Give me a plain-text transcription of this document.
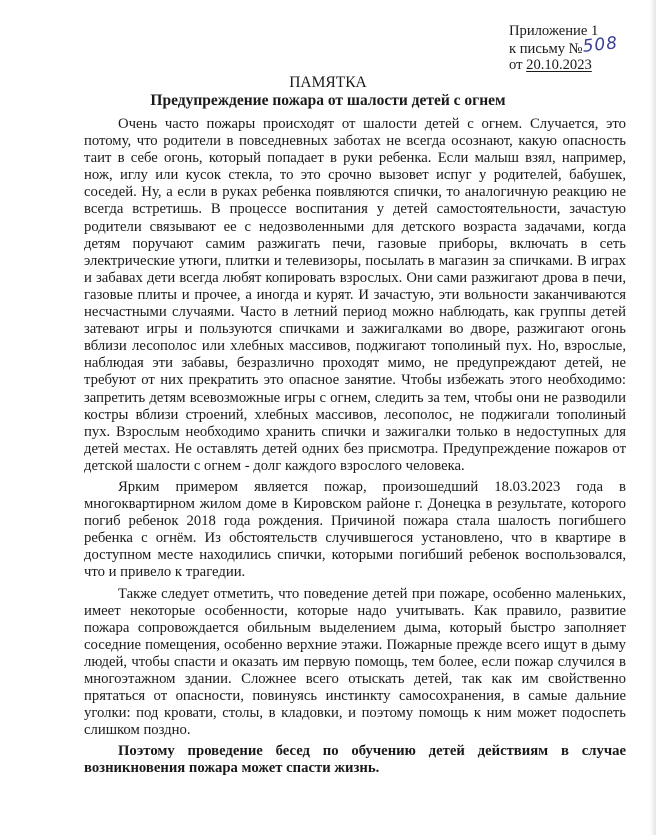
Приложение 1
к письму №508
от 20.10.2023
ПАМЯТКА
Предупреждение пожара от шалости детей с огнем

Очень часто пожары происходят от шалости детей с огнем. Случается, это потому, что родители в повседневных заботах не всегда осознают, какую опасность таит в себе огонь, который попадает в руки ребенка. Если малыш взял, например, нож, иглу или кусок стекла, то это срочно вызовет испуг у родителей, бабушек, соседей. Ну, а если в руках ребенка появляются спички, то аналогичную реакцию не всегда встретишь. В процессе воспитания у детей самостоятельности, зачастую родители связывают ее с недозволенными для детского возраста задачами, когда детям поручают самим разжигать печи, газовые приборы, включать в сеть электрические утюги, плитки и телевизоры, посылать в магазин за спичками. В играх и забавах дети всегда любят копировать взрослых. Они сами разжигают дрова в печи, газовые плиты и прочее, а иногда и курят. И зачастую, эти вольности заканчиваются несчастными случаями. Часто в летний период можно наблюдать, как группы детей затевают игры и пользуются спичками и зажигалками во дворе, разжигают огонь вблизи лесополос или хлебных массивов, поджигают тополиный пух. Но, взрослые, наблюдая эти забавы, безразлично проходят мимо, не предупреждают детей, не требуют от них прекратить это опасное занятие. Чтобы избежать этого необходимо: запретить детям всевозможные игры с огнем, следить за тем, чтобы они не разводили костры вблизи строений, хлебных массивов, лесополос, не поджигали тополиный пух. Взрослым необходимо хранить спички и зажигалки только в недоступных для детей местах. Не оставлять детей одних без присмотра. Предупреждение пожаров от детской шалости с огнем - долг каждого взрослого человека.

Ярким примером является пожар, произошедший 18.03.2023 года в многоквартирном жилом доме в Кировском районе г. Донецка в результате, которого погиб ребенок 2018 года рождения. Причиной пожара стала шалость погибшего ребенка с огнём. Из обстоятельств случившегося установлено, что в квартире в доступном месте находились спички, которыми погибший ребенок воспользовался, что и привело к трагедии.

Также следует отметить, что поведение детей при пожаре, особенно маленьких, имеет некоторые особенности, которые надо учитывать. Как правило, развитие пожара сопровождается обильным выделением дыма, который быстро заполняет соседние помещения, особенно верхние этажи. Пожарные прежде всего ищут в дыму людей, чтобы спасти и оказать им первую помощь, тем более, если пожар случился в многоэтажном здании. Сложнее всего отыскать детей, так как им свойственно прятаться от опасности, повинуясь инстинкту самосохранения, в самые дальние уголки: под кровати, столы, в кладовки, и поэтому помощь к ним может подоспеть слишком поздно.

Поэтому проведение бесед по обучению детей действиям в случае возникновения пожара может спасти жизнь.
